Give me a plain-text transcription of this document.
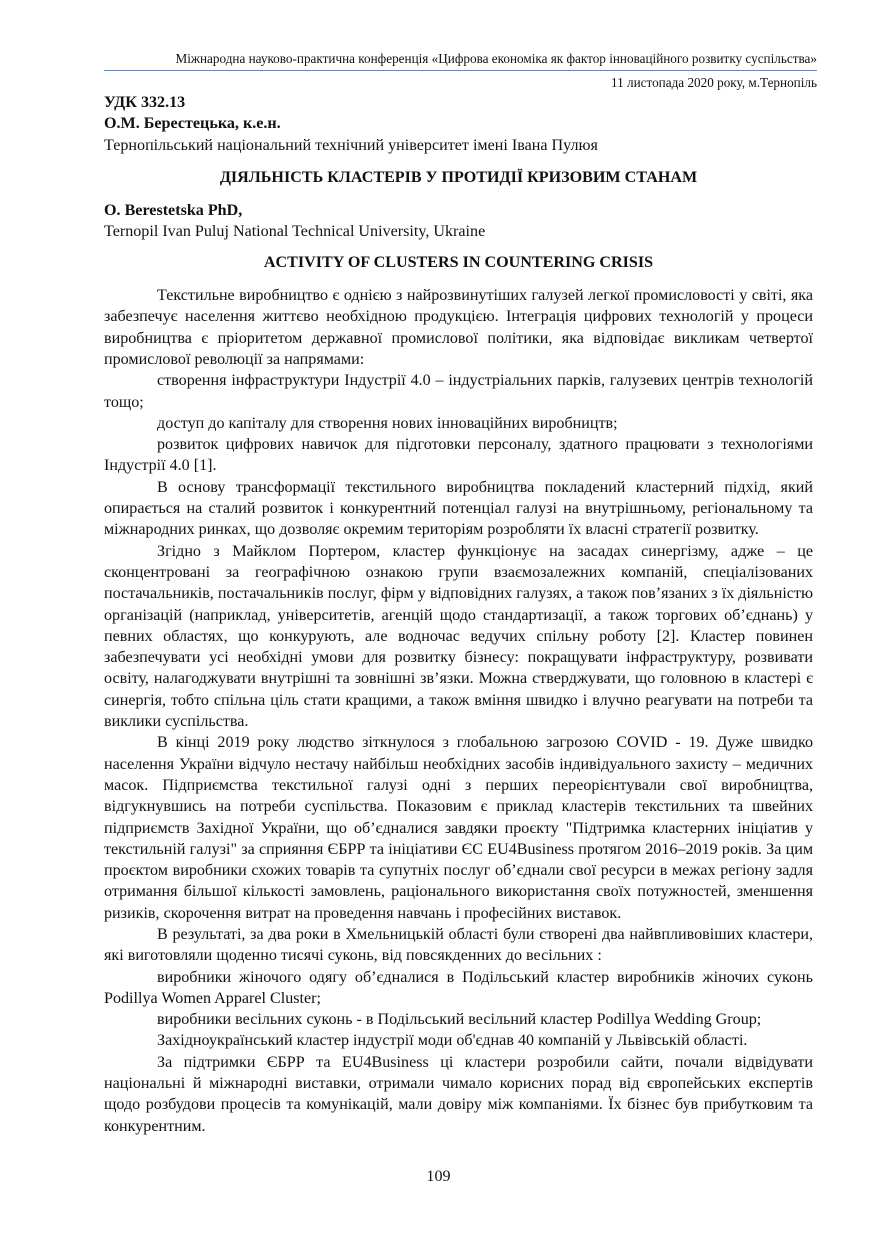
Міжнародна науково-практична конференція «Цифрова економіка як фактор інноваційного розвитку суспільства»
11 листопада 2020 року, м.Тернопіль

УДК 332.13

О.М. Берестецька, к.е.н.

Тернопільський національний технічний університет імені Івана Пулюя

ДІЯЛЬНІСТЬ КЛАСТЕРІВ У ПРОТИДІЇ КРИЗОВИМ СТАНАМ

O. Berestetska PhD,

Ternopil Ivan Puluj National Technical University, Ukraine

ACTIVITY OF CLUSTERS IN COUNTERING CRISIS

Текстильне виробництво є однією з найрозвинутіших галузей легкої промисловості у світі, яка забезпечує населення життєво необхідною продукцією. Інтеграція цифрових технологій у процеси виробництва є пріоритетом державної промислової політики, яка відповідає викликам четвертої промислової революції за напрямами:

створення інфраструктури Індустрії 4.0 – індустріальних парків, галузевих центрів технологій тощо;

доступ до капіталу для створення нових інноваційних виробництв;

розвиток цифрових навичок для підготовки персоналу, здатного працювати з технологіями Індустрії 4.0 [1].

В основу трансформації текстильного виробництва покладений кластерний підхід, який опирається на сталий розвиток і конкурентний потенціал галузі на внутрішньому, регіональному та міжнародних ринках, що дозволяє окремим територіям розробляти їх власні стратегії розвитку.

Згідно з Майклом Портером, кластер функціонує на засадах синергізму, адже – це сконцентровані за географічною ознакою групи взаємозалежних компаній, спеціалізованих постачальників, постачальників послуг, фірм у відповідних галузях, а також пов’язаних з їх діяльністю організацій (наприклад, університетів, агенцій щодо стандартизації, а також торгових об’єднань) у певних областях, що конкурують, але водночас ведучих спільну роботу [2]. Кластер повинен забезпечувати усі необхідні умови для розвитку бізнесу: покращувати інфраструктуру, розвивати освіту, налагоджувати внутрішні та зовнішні зв’язки. Можна стверджувати, що головною в кластері є синергія, тобто спільна ціль стати кращими, а також вміння швидко і влучно реагувати на потреби та виклики суспільства.

В кінці 2019 року людство зіткнулося з глобальною загрозою COVID - 19. Дуже швидко населення України відчуло нестачу найбільш необхідних засобів індивідуального захисту – медичних масок. Підприємства текстильної галузі одні з перших переорієнтували свої виробництва, відгукнувшись на потреби суспільства. Показовим є приклад кластерів текстильних та швейних підприємств Західної України, що об’єдналися завдяки проєкту "Підтримка кластерних ініціатив у текстильній галузі" за сприяння ЄБРР та ініціативи ЄС EU4Business протягом 2016–2019 років. За цим проєктом виробники схожих товарів та супутніх послуг об’єднали свої ресурси в межах регіону задля отримання більшої кількості замовлень, раціонального використання своїх потужностей, зменшення ризиків, скорочення витрат на проведення навчань і професійних виставок.

В результаті, за два роки в Хмельницькій області були створені два найвпливовіших кластери, які виготовляли щоденно тисячі суконь, від повсякденних до весільних :

виробники жіночого одягу об’єдналися в Подільський кластер виробників жіночих суконь Podillya Women Apparel Cluster;

виробники весільних суконь - в Подільський весільний кластер Podillya Wedding Group;

Західноукраїнський кластер індустрії моди об'єднав 40 компаній у Львівській області.

За підтримки ЄБРР та EU4Business ці кластери розробили сайти, почали відвідувати національні й міжнародні виставки, отримали чимало корисних порад від європейських експертів щодо розбудови процесів та комунікацій, мали довіру між компаніями. Їх бізнес був прибутковим та конкурентним.

109
